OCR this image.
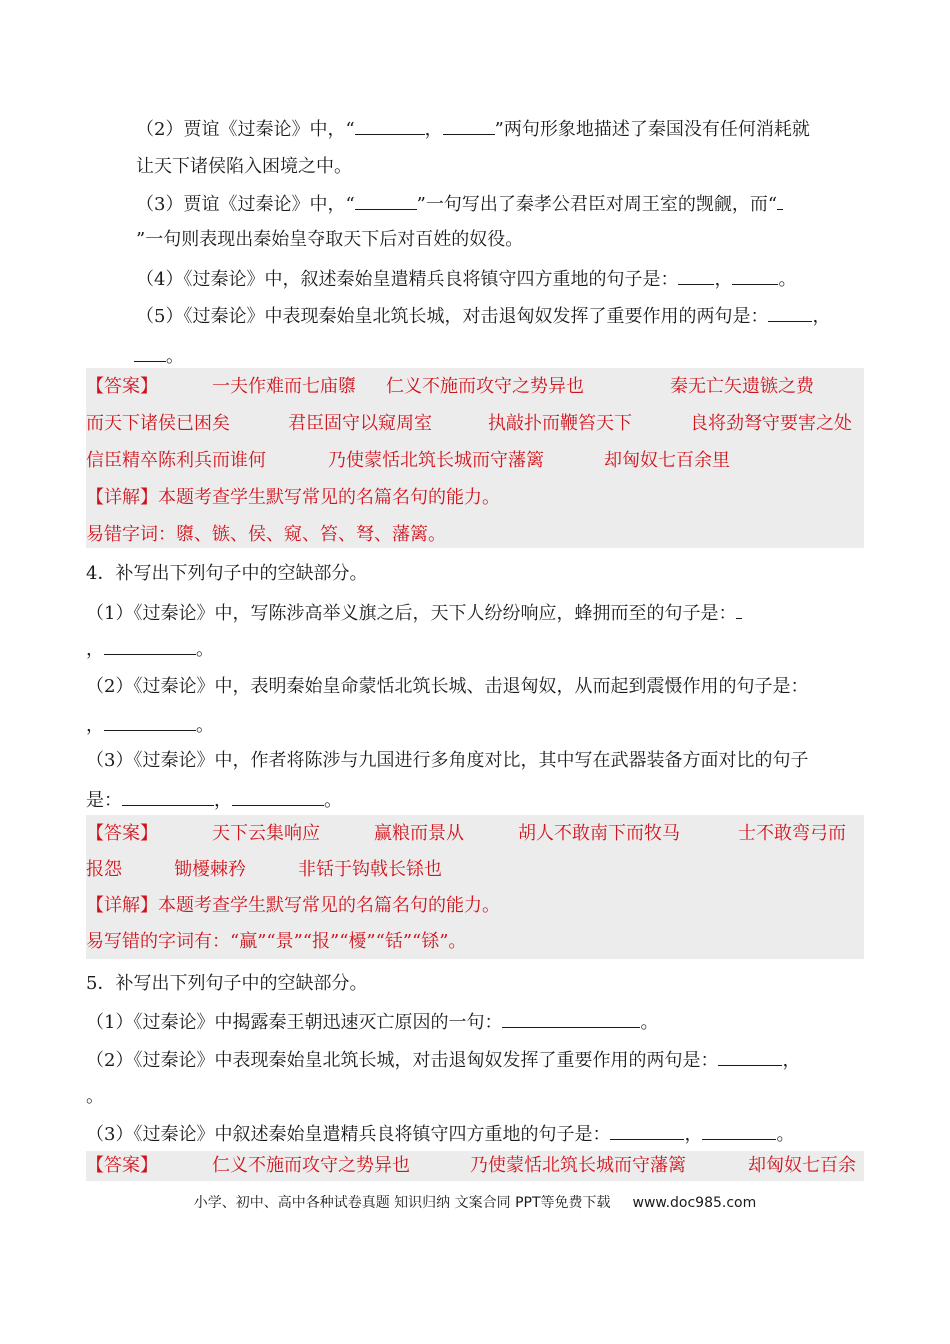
（2）贾谊《过秦论》中，“	，	”两句形象地描述了秦国没有任何消耗就
让天下诸侯陷入困境之中。
（3）贾谊《过秦论》中，“	”一句写出了秦孝公君臣对周王室的觊觎，而“
”一句则表现出秦始皇夺取天下后对百姓的奴役。
（4）《过秦论》中，叙述秦始皇遣精兵良将镇守四方重地的句子是： ，	。
（5）《过秦论》中表现秦始皇北筑长城，对击退匈奴发挥了重要作用的两句是： ，
。
【答案】	一夫作难而七庙隳 仁义不施而攻守之势异也	秦无亡矢遗镞之费
而天下诸侯已困矣	君臣固守以窥周室	执敲扑而鞭笞天下	良将劲弩守要害之处
信臣精卒陈利兵而谁何	乃使蒙恬北筑长城而守藩篱	却匈奴七百余里
【详解】本题考查学生默写常见的名篇名句的能力。
易错字词：隳、镞、侯、窥、笞、弩、藩篱。
4．补写出下列句子中的空缺部分。
（1）《过秦论》中，写陈涉高举义旗之后，天下人纷纷响应，蜂拥而至的句子是：
，	。
（2）《过秦论》中，表明秦始皇命蒙恬北筑长城、击退匈奴，从而起到震慑作用的句子是：
，	。
（3）《过秦论》中，作者将陈涉与九国进行多角度对比，其中写在武器装备方面对比的句子
是：	，	。
【答案】	天下云集响应	赢粮而景从	胡人不敢南下而牧马	士不敢弯弓而
报怨	锄櫌棘矜	非铦于钩戟长铩也
【详解】本题考查学生默写常见的名篇名句的能力。
易写错的字词有：“赢”“景”“报”“櫌”“铦”“铩”。
5．补写出下列句子中的空缺部分。
（1）《过秦论》中揭露秦王朝迅速灭亡原因的一句：	。
（2）《过秦论》中表现秦始皇北筑长城，对击退匈奴发挥了重要作用的两句是：	，
。
（3）《过秦论》中叙述秦始皇遣精兵良将镇守四方重地的句子是：	，	。
【答案】	仁义不施而攻守之势异也	乃使蒙恬北筑长城而守藩篱	却匈奴七百余
小学、初中、高中各种试卷真题 知识归纳 文案合同 PPT等免费下载 www.doc985.com
